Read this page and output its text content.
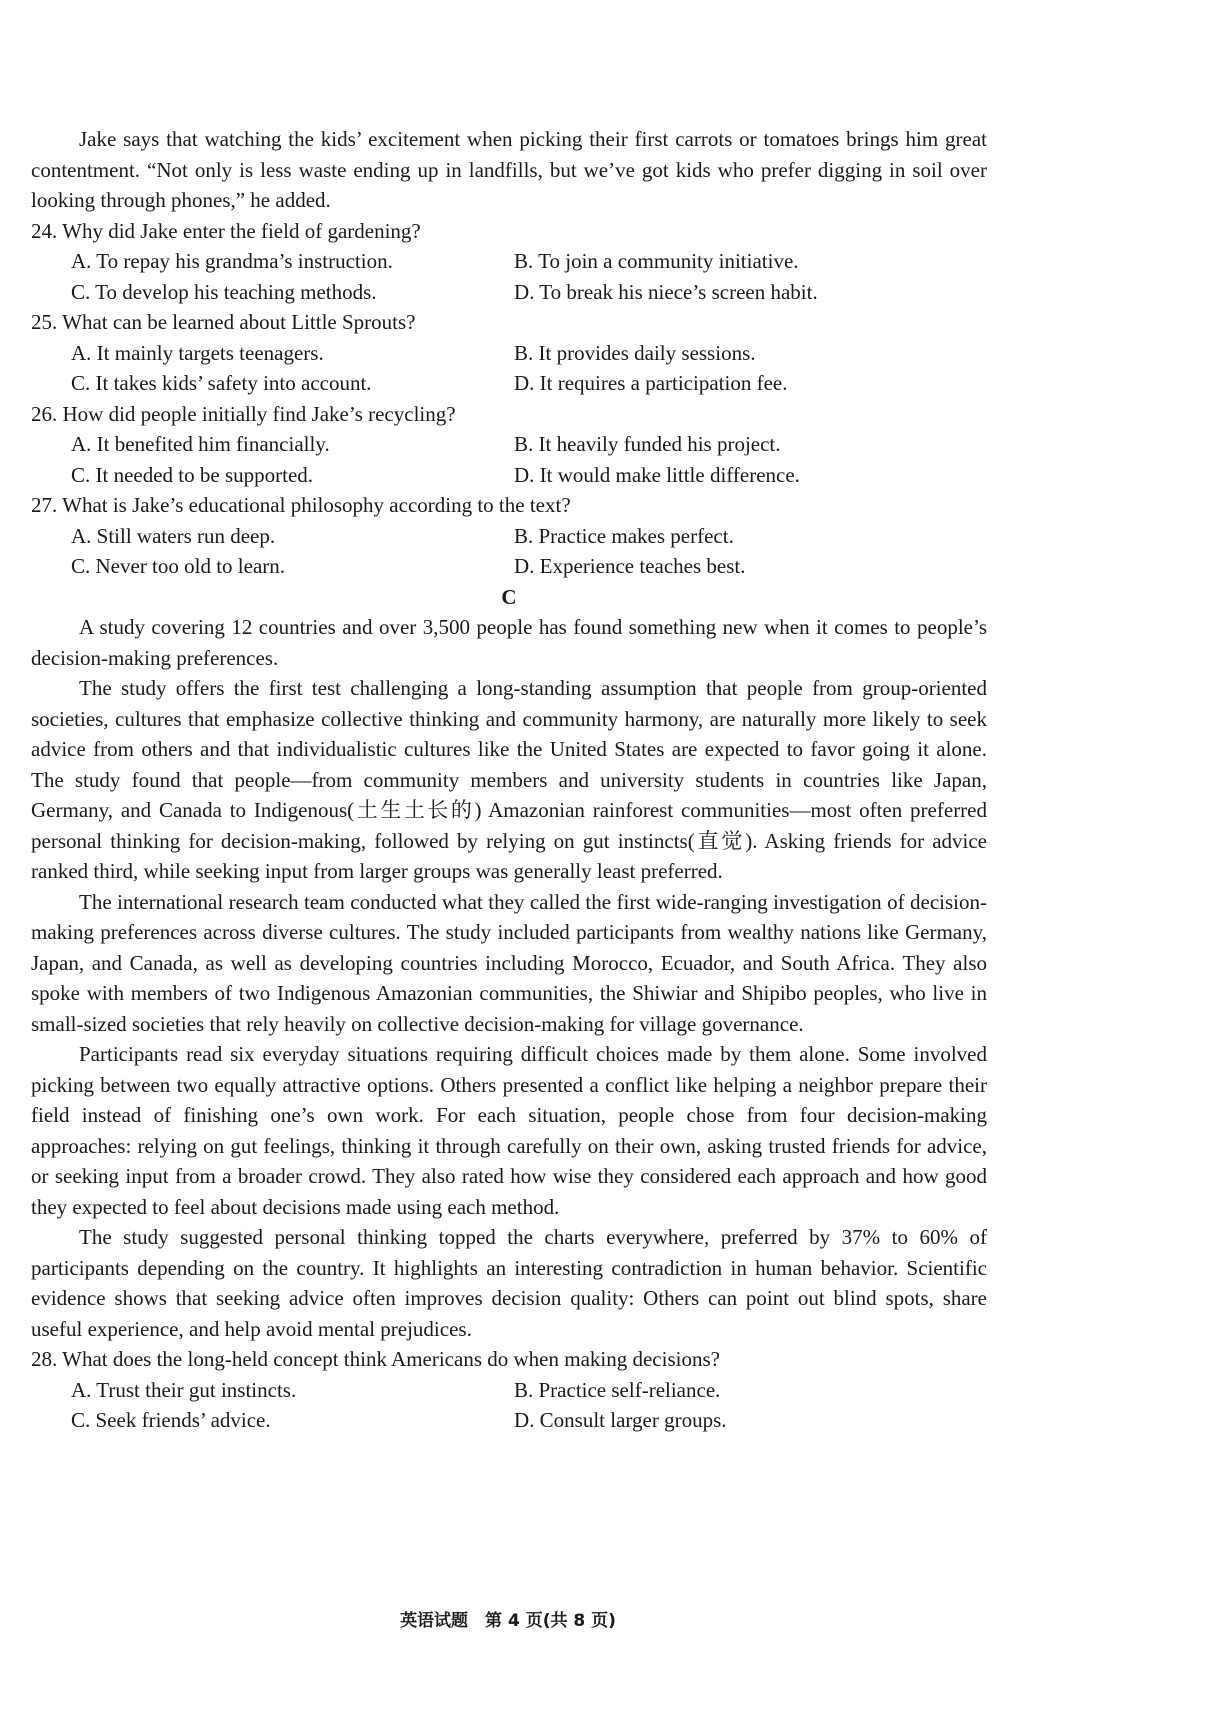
Jake says that watching the kids’ excitement when picking their first carrots or tomatoes brings him great contentment. “Not only is less waste ending up in landfills, but we’ve got kids who prefer digging in soil over looking through phones,” he added.

24. Why did Jake enter the field of gardening?

A. To repay his grandma’s instruction.	B. To join a community initiative.
C. To develop his teaching methods.	D. To break his niece’s screen habit.

25. What can be learned about Little Sprouts?

A. It mainly targets teenagers.	B. It provides daily sessions.
C. It takes kids’ safety into account.	D. It requires a participation fee.

26. How did people initially find Jake’s recycling?

A. It benefited him financially.	B. It heavily funded his project.
C. It needed to be supported.	D. It would make little difference.

27. What is Jake’s educational philosophy according to the text?

A. Still waters run deep.	B. Practice makes perfect.
C. Never too old to learn.	D. Experience teaches best.

C

A study covering 12 countries and over 3,500 people has found something new when it comes to people’s decision-making preferences.

The study offers the first test challenging a long-standing assumption that people from group-oriented societies, cultures that emphasize collective thinking and community harmony, are naturally more likely to seek advice from others and that individualistic cultures like the United States are expected to favor going it alone. The study found that people—from community members and university students in countries like Japan, Germany, and Canada to Indigenous(土生土长的) Amazonian rainforest communities—most often preferred personal thinking for decision-making, followed by relying on gut instincts(直觉). Asking friends for advice ranked third, while seeking input from larger groups was generally least preferred.

The international research team conducted what they called the first wide-ranging investigation of decision-making preferences across diverse cultures. The study included participants from wealthy nations like Germany, Japan, and Canada, as well as developing countries including Morocco, Ecuador, and South Africa. They also spoke with members of two Indigenous Amazonian communities, the Shiwiar and Shipibo peoples, who live in small-sized societies that rely heavily on collective decision-making for village governance.

Participants read six everyday situations requiring difficult choices made by them alone. Some involved picking between two equally attractive options. Others presented a conflict like helping a neighbor prepare their field instead of finishing one’s own work. For each situation, people chose from four decision-making approaches: relying on gut feelings, thinking it through carefully on their own, asking trusted friends for advice, or seeking input from a broader crowd. They also rated how wise they considered each approach and how good they expected to feel about decisions made using each method.

The study suggested personal thinking topped the charts everywhere, preferred by 37% to 60% of participants depending on the country. It highlights an interesting contradiction in human behavior. Scientific evidence shows that seeking advice often improves decision quality: Others can point out blind spots, share useful experience, and help avoid mental prejudices.

28. What does the long-held concept think Americans do when making decisions?

A. Trust their gut instincts.	B. Practice self-reliance.
C. Seek friends’ advice.	D. Consult larger groups.
英语试题　第 4 页(共 8 页)
